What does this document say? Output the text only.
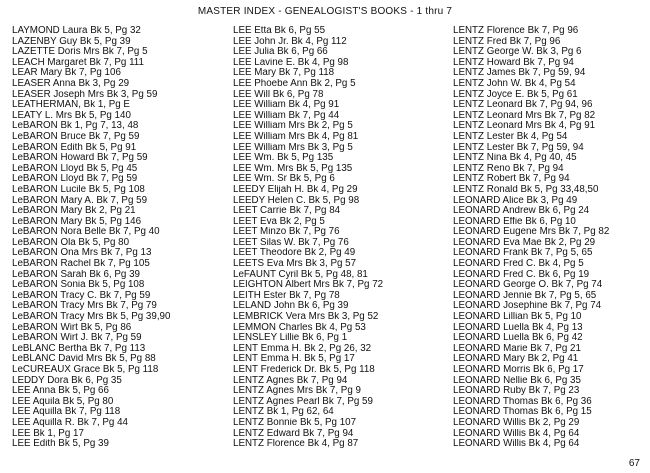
MASTER INDEX - GENEALOGIST'S BOOKS - 1 thru 7
LAYMOND Laura Bk 5, Pg 32
LAZENBY Guy Bk 5, Pg 39
LAZETTE Doris Mrs Bk 7, Pg 5
LEACH Margaret Bk 7, Pg 111
LEAR Mary Bk 7, Pg 106
LEASER Anna Bk 3, Pg 29
LEASER Joseph Mrs Bk 3, Pg 59
LEATHERMAN, Bk 1, Pg E
LEATY L. Mrs Bk 5, Pg 140
LeBARON Bk 1, Pg 7, 13, 48
LeBARON Bruce Bk 7, Pg 59
LeBARON Edith Bk 5, Pg 91
LeBARON Howard Bk 7, Pg 59
LeBARON Lloyd Bk 5, Pg 45
LeBARON Lloyd Bk 7, Pg 59
LeBARON Lucile Bk 5, Pg 108
LeBARON Mary A. Bk 7, Pg 59
LeBARON Mary Bk 2, Pg 21
LeBARON Mary Bk 5, Pg 146
LeBARON Nora Belle Bk 7, Pg 40
LeBARON Ola Bk 5, Pg 80
LeBARON Ona Mrs Bk 7, Pg 13
LeBARON Rachel Bk 7, Pg 105
LeBARON Sarah Bk 6, Pg 39
LeBARON Sonia Bk 5, Pg 108
LeBARON Tracy C. Bk 7, Pg 59
LeBARON Tracy Mrs Bk 7, Pg 79
LeBARON Tracy Mrs Bk 5, Pg 39,90
LeBARON Wirt Bk 5, Pg 86
LeBARON Wirt J. Bk 7, Pg 59
LeBLANC Bertha Bk 7, Pg 113
LeBLANC David Mrs Bk 5, Pg 88
LeCUREAUX Grace Bk 5, Pg 118
LEDDY Dora Bk 6, Pg 35
LEE Anna Bk 5, Pg 66
LEE Aquila Bk 5, Pg 80
LEE Aquilla Bk 7, Pg 118
LEE Aquilla R. Bk 7, Pg 44
LEE Bk 1, Pg 17
LEE Edith Bk 5, Pg 39
LEE Etta Bk 6, Pg 55
LEE John Jr. Bk 4, Pg 112
LEE Julia Bk 6, Pg 66
LEE Lavine E. Bk 4, Pg 98
LEE Mary Bk 7, Pg 118
LEE Phoebe Ann Bk 2, Pg 5
LEE Will Bk 6, Pg 78
LEE William Bk 4, Pg 91
LEE William Bk 7, Pg 44
LEE William Mrs Bk 2, Pg 5
LEE William Mrs Bk 4, Pg 81
LEE William Mrs Bk 3, Pg 5
LEE Wm. Bk 5, Pg 135
LEE Wm. Mrs Bk 5, Pg 135
LEE Wm. Sr Bk 5, Pg 6
LEEDY Elijah H. Bk 4, Pg 29
LEEDY Helen C. Bk 5, Pg 98
LEET Carrie Bk 7, Pg 84
LEET Eva Bk 2, Pg 5
LEET Minzo Bk 7, Pg 76
LEET Silas W. Bk 7, Pg 76
LEET Theodore Bk 2, Pg 49
LEETS Eva Mrs Bk 3, Pg 57
LeFAUNT Cyril Bk 5, Pg 48, 81
LEIGHTON Albert Mrs Bk 7, Pg 72
LEITH Ester Bk 7, Pg 78
LELAND John Bk 6, Pg 39
LEMBRICK Vera Mrs Bk 3, Pg 52
LEMMON Charles Bk 4, Pg 53
LENSLEY Lillie Bk 6, Pg 1
LENT Emma H. Bk 2, Pg 26, 32
LENT Emma H. Bk 5, Pg 17
LENT Frederick Dr. Bk 5, Pg 118
LENTZ Agnes Bk 7, Pg 94
LENTZ Agnes Mrs Bk 7, Pg 9
LENTZ Agnes Pearl Bk 7, Pg 59
LENTZ Bk 1, Pg 62, 64
LENTZ Bonnie Bk 5, Pg 107
LENTZ Edward Bk 7, Pg 94
LENTZ Florence Bk 4, Pg 87
LENTZ Florence Bk 7, Pg 96
LENTZ Fred Bk 7, Pg 96
LENTZ George W. Bk 3, Pg 6
LENTZ Howard Bk 7, Pg 94
LENTZ James Bk 7, Pg 59, 94
LENTZ John W. Bk 4, Pg 54
LENTZ Joyce E. Bk 5, Pg 61
LENTZ Leonard Bk 7, Pg 94, 96
LENTZ Leonard Mrs Bk 7, Pg 82
LENTZ Leonard Mrs Bk 4, Pg 91
LENTZ Lester Bk 4, Pg 54
LENTZ Lester Bk 7, Pg 59, 94
LENTZ Nina Bk 4, Pg 40, 45
LENTZ Reno Bk 7, Pg 94
LENTZ Robert Bk 7, Pg 94
LENTZ Ronald Bk 5, Pg 33,48,50
LEONARD Alice Bk 3, Pg 49
LEONARD Andrew Bk 6, Pg 24
LEONARD Effie Bk 6, Pg 10
LEONARD Eugene Mrs Bk 7, Pg 82
LEONARD Eva Mae Bk 2, Pg 29
LEONARD Frank Bk 7, Pg 5, 65
LEONARD Fred C. Bk 4, Pg 5
LEONARD Fred C. Bk 6, Pg 19
LEONARD George O. Bk 7, Pg 74
LEONARD Jennie Bk 7, Pg 5, 65
LEONARD Josephine Bk 7, Pg 74
LEONARD Lillian Bk 5, Pg 10
LEONARD Luella Bk 4, Pg 13
LEONARD Luella Bk 6, Pg 42
LEONARD Marie Bk 7, Pg 21
LEONARD Mary Bk 2, Pg 41
LEONARD Morris Bk 6, Pg 17
LEONARD Nellie Bk 6, Pg 35
LEONARD Ruby Bk 7, Pg 23
LEONARD Thomas Bk 6, Pg 36
LEONARD Thomas Bk 6, Pg 15
LEONARD Willis Bk 2, Pg 29
LEONARD Willis Bk 4, Pg 64
LEONARD Willis Bk 4, Pg 64
67
